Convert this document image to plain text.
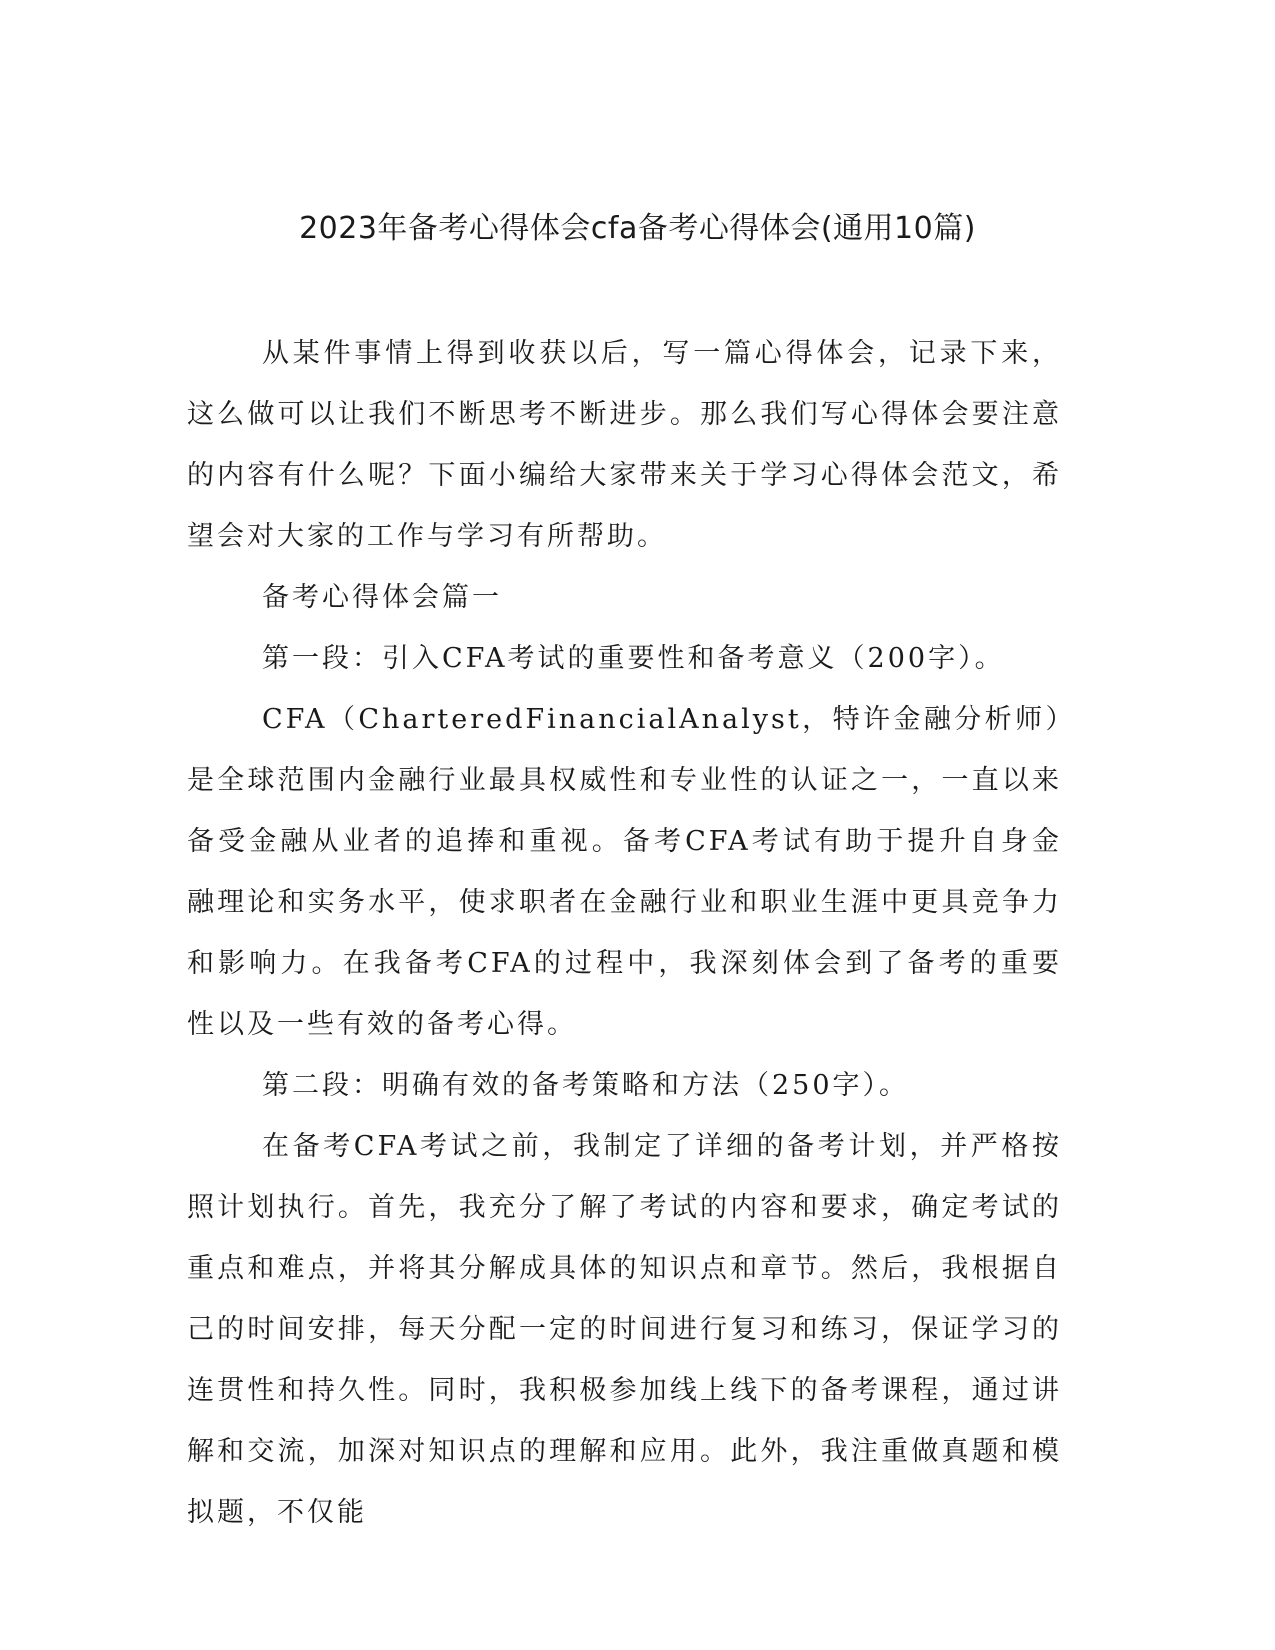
2023年备考心得体会cfa备考心得体会(通用10篇)

从某件事情上得到收获以后，写一篇心得体会，记录下来，这么做可以让我们不断思考不断进步。那么我们写心得体会要注意的内容有什么呢？下面小编给大家带来关于学习心得体会范文，希望会对大家的工作与学习有所帮助。

备考心得体会篇一

第一段：引入CFA考试的重要性和备考意义（200字）。

CFA（CharteredFinancialAnalyst，特许金融分析师）是全球范围内金融行业最具权威性和专业性的认证之一，一直以来备受金融从业者的追捧和重视。备考CFA考试有助于提升自身金融理论和实务水平，使求职者在金融行业和职业生涯中更具竞争力和影响力。在我备考CFA的过程中，我深刻体会到了备考的重要性以及一些有效的备考心得。

第二段：明确有效的备考策略和方法（250字）。

在备考CFA考试之前，我制定了详细的备考计划，并严格按照计划执行。首先，我充分了解了考试的内容和要求，确定考试的重点和难点，并将其分解成具体的知识点和章节。然后，我根据自己的时间安排，每天分配一定的时间进行复习和练习，保证学习的连贯性和持久性。同时，我积极参加线上线下的备考课程，通过讲解和交流，加深对知识点的理解和应用。此外，我注重做真题和模拟题，不仅能
